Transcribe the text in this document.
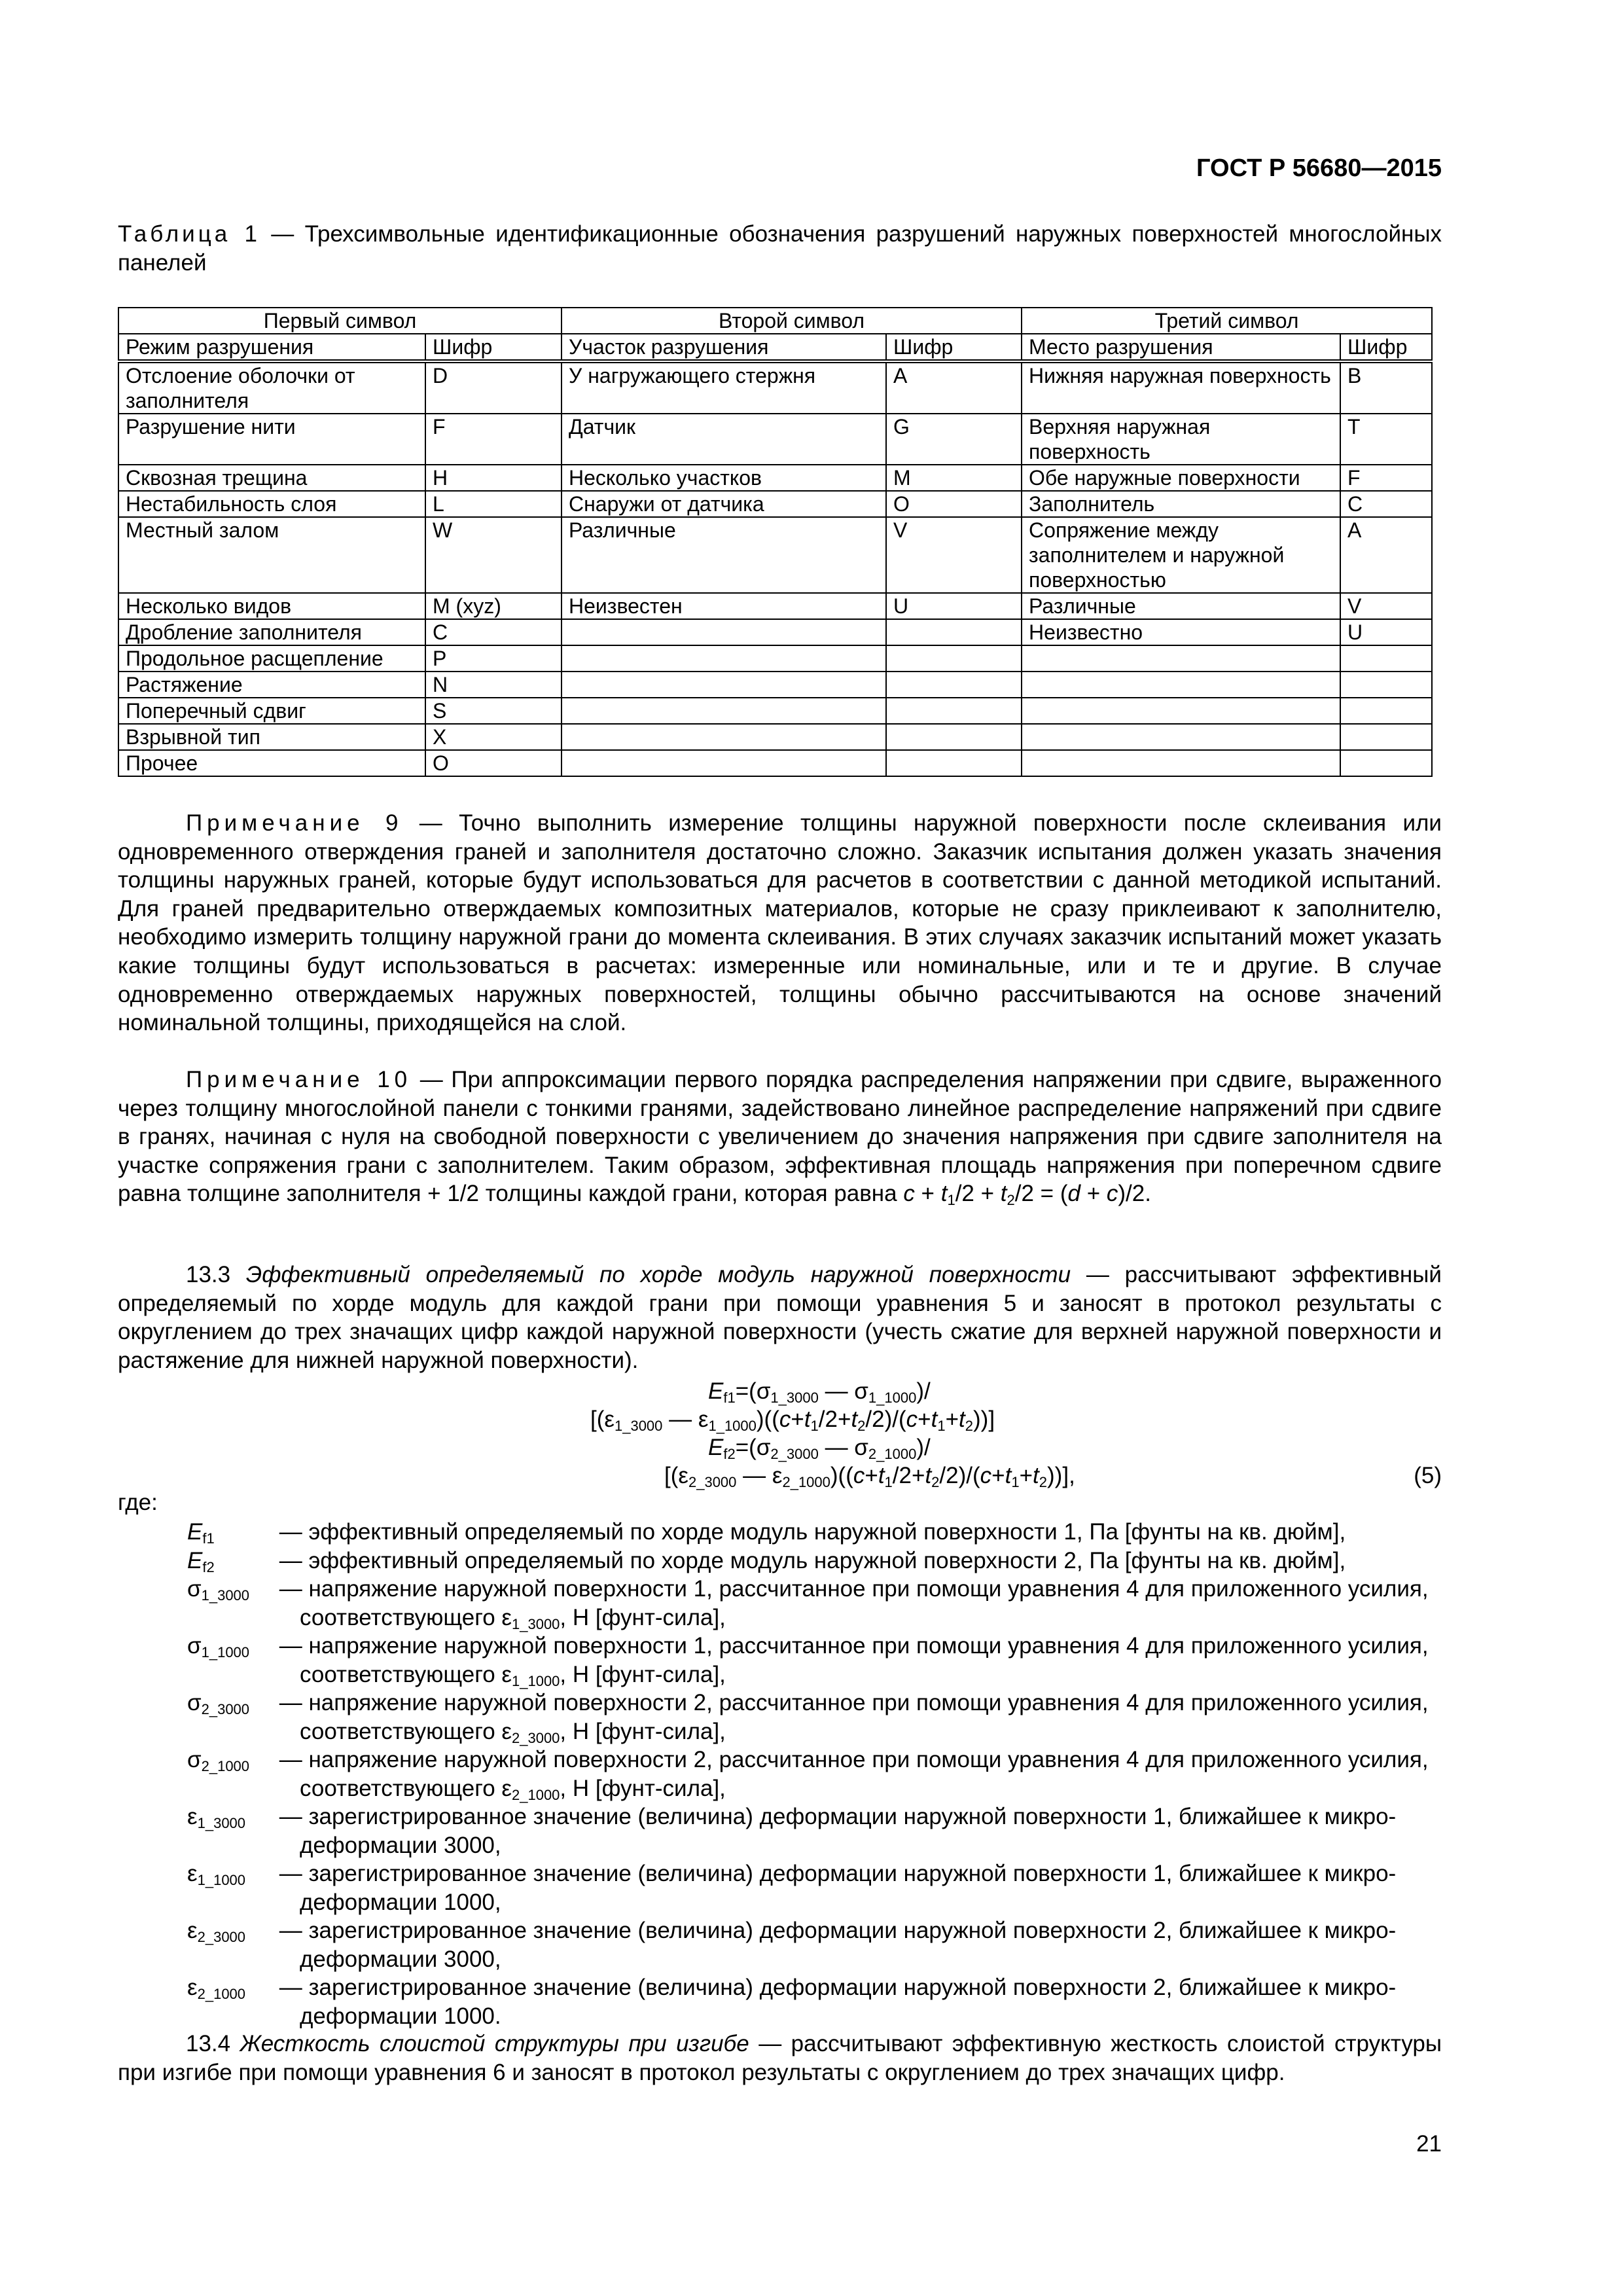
ГОСТ Р 56680—2015
Таблица 1 — Трехсимвольные идентификационные обозначения разрушений наружных поверхностей многослойных панелей
Первый символ		Второй символ		Третий символ	
Режим разрушения	Шифр	Участок разрушения	Шифр	Место разрушения	Шифр
Отслоение оболочки от заполнителя	D	У нагружающего стержня	A	Нижняя наружная поверхность	B
Разрушение нити	F	Датчик	G	Верхняя наружная поверхность	T
Сквозная трещина	H	Несколько участков	M	Обе наружные поверхности	F
Нестабильность слоя	L	Снаружи от датчика	O	Заполнитель	C
Местный залом	W	Различные	V	Сопряжение между заполнителем и наружной поверхностью	A
Несколько видов	M (xyz)	Неизвестен	U	Различные	V
Дробление заполнителя	C			Неизвестно	U
Продольное расщепление	P				
Растяжение	N				
Поперечный сдвиг	S				
Взрывной тип	X				
Прочее	O				
Примечание 9 — Точно выполнить измерение толщины наружной поверхности после склеивания или одновременного отверждения граней и заполнителя достаточно сложно. Заказчик испытания должен указать значения толщины наружных граней, которые будут использоваться для расчетов в соответствии с данной методикой испытаний. Для граней предварительно отверждаемых композитных материалов, которые не сразу приклеивают к заполнителю, необходимо измерить толщину наружной грани до момента склеивания. В этих случаях заказчик испытаний может указать какие толщины будут использоваться в расчетах: измеренные или номинальные, или и те и другие. В случае одновременно отверждаемых наружных поверхностей, толщины обычно рассчитываются на основе значений номинальной толщины, приходящейся на слой.
Примечание 10 — При аппроксимации первого порядка распределения напряжении при сдвиге, выраженного через толщину многослойной панели с тонкими гранями, задействовано линейное распределение напряжений при сдвиге в гранях, начиная с нуля на свободной поверхности с увеличением до значения напряжения при сдвиге заполнителя на участке сопряжения грани с заполнителем. Таким образом, эффективная площадь напряжения при поперечном сдвиге равна толщине заполнителя + 1/2 толщины каждой грани, которая равна $c + t_1/2 + t_2/2 = (d + c)/2$.
13.3 Эффективный определяемый по хорде модуль наружной поверхности — рассчитывают эффективный определяемый по хорде модуль для каждой грани при помощи уравнения 5 и заносят в протокол результаты с округлением до трех значащих цифр каждой наружной поверхности (учесть сжатие для верхней наружной поверхности и растяжение для нижней наружной поверхности).
$E_{f1}=(\sigma_{1\_3000}$ — $\sigma_{1\_1000})/$
[($\varepsilon_{1\_3000}$ — $\varepsilon_{1\_1000})((c+t_1/2+t_2/2)/(c+t_1+t_2))$]
$E_{f2}=(\sigma_{2\_3000}$ — $\sigma_{2\_1000})/$
[($\varepsilon_{2\_3000}$ — $\varepsilon_{2\_1000})((c+t_1/2+t_2/2)/(c+t_1+t_2))$],	(5)
где:
$E_{f1}$	— эффективный определяемый по хорде модуль наружной поверхности 1, Па [фунты на кв. дюйм],
$E_{f2}$	— эффективный определяемый по хорде модуль наружной поверхности 2, Па [фунты на кв. дюйм],
$\sigma_{1\_3000}$ — напряжение наружной поверхности 1, рассчитанное при помощи уравнения 4 для приложенного усилия, соответствующего $\varepsilon_{1\_3000}$, Н [фунт-сила],
$\sigma_{1\_1000}$ — напряжение наружной поверхности 1, рассчитанное при помощи уравнения 4 для приложенного усилия, соответствующего $\varepsilon_{1\_1000}$, Н [фунт-сила],
$\sigma_{2\_3000}$ — напряжение наружной поверхности 2, рассчитанное при помощи уравнения 4 для приложенного усилия, соответствующего $\varepsilon_{2\_3000}$, Н [фунт-сила],
$\sigma_{2\_1000}$ — напряжение наружной поверхности 2, рассчитанное при помощи уравнения 4 для приложенного усилия, соответствующего $\varepsilon_{2\_1000}$, Н [фунт-сила],
$\varepsilon_{1\_3000}$ — зарегистрированное значение (величина) деформации наружной поверхности 1, ближайшее к микро-деформации 3000,
$\varepsilon_{1\_1000}$ — зарегистрированное значение (величина) деформации наружной поверхности 1, ближайшее к микро-деформации 1000,
$\varepsilon_{2\_3000}$ — зарегистрированное значение (величина) деформации наружной поверхности 2, ближайшее к микро-деформации 3000,
$\varepsilon_{2\_1000}$ — зарегистрированное значение (величина) деформации наружной поверхности 2, ближайшее к микро-деформации 1000.
13.4 Жесткость слоистой структуры при изгибе — рассчитывают эффективную жесткость слоистой структуры при изгибе при помощи уравнения 6 и заносят в протокол результаты с округлением до трех значащих цифр.
21
